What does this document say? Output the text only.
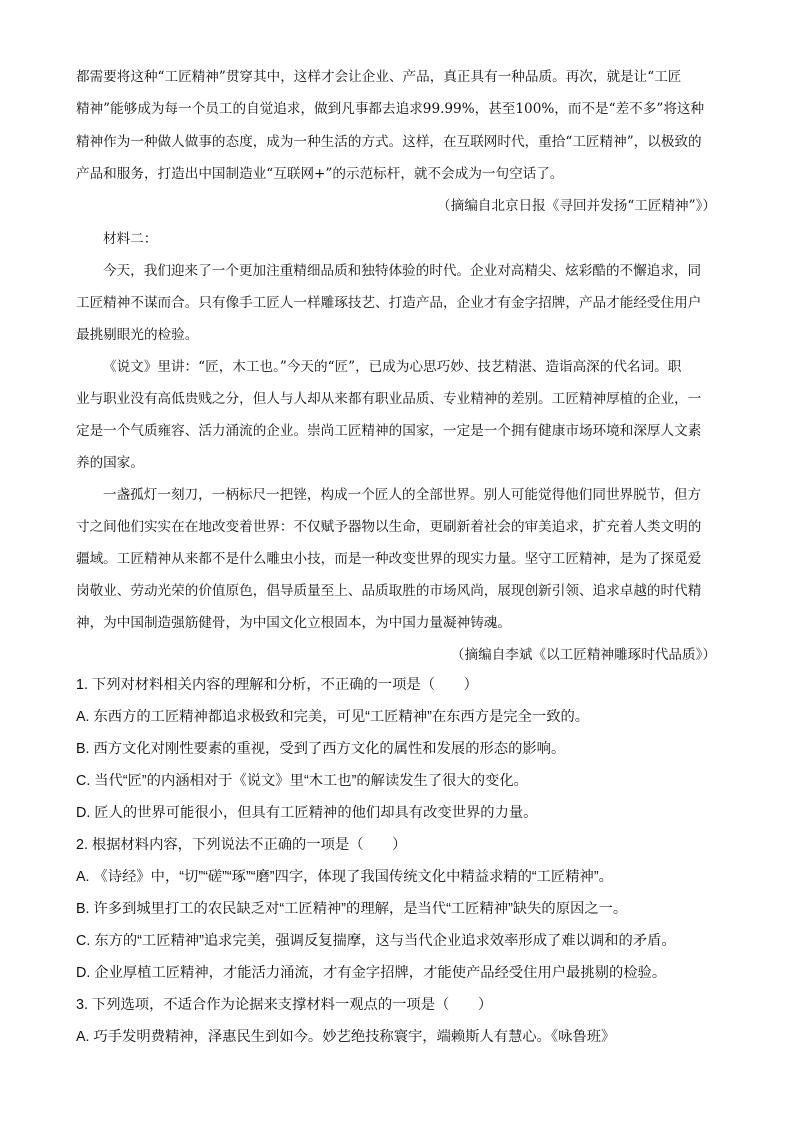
都需要将这种“工匠精神”贯穿其中，这样才会让企业、产品，真正具有一种品质。再次，就是让“工匠
精神”能够成为每一个员工的自觉追求，做到凡事都去追求99.99%，甚至100%，而不是“差不多”将这种
精神作为一种做人做事的态度，成为一种生活的方式。这样，在互联网时代，重拾“工匠精神”，以极致的
产品和服务，打造出中国制造业“互联网+”的示范标杆，就不会成为一句空话了。
（摘编自北京日报《寻回并发扬“工匠精神”》）
材料二：
今天，我们迎来了一个更加注重精细品质和独特体验的时代。企业对高精尖、炫彩酷的不懈追求，同
工匠精神不谋而合。只有像手工匠人一样雕琢技艺、打造产品，企业才有金字招牌，产品才能经受住用户
最挑剔眼光的检验。
《说文》里讲：“匠，木工也。”今天的“匠”，已成为心思巧妙、技艺精湛、造诣高深的代名词。职
业与职业没有高低贵贱之分，但人与人却从来都有职业品质、专业精神的差别。工匠精神厚植的企业，一
定是一个气质雍容、活力涌流的企业。崇尚工匠精神的国家，一定是一个拥有健康市场环境和深厚人文素
养的国家。
一盏孤灯一刻刀，一柄标尺一把锉，构成一个匠人的全部世界。别人可能觉得他们同世界脱节，但方
寸之间他们实实在在地改变着世界：不仅赋予器物以生命，更刷新着社会的审美追求，扩充着人类文明的
疆域。工匠精神从来都不是什么雕虫小技，而是一种改变世界的现实力量。坚守工匠精神，是为了探觅爱
岗敬业、劳动光荣的价值原色，倡导质量至上、品质取胜的市场风尚，展现创新引领、追求卓越的时代精
神，为中国制造强筋健骨，为中国文化立根固本，为中国力量凝神铸魂。
（摘编自李斌《以工匠精神雕琢时代品质》）
1. 下列对材料相关内容的理解和分析，不正确的一项是（　　）
A. 东西方的工匠精神都追求极致和完美，可见“工匠精神”在东西方是完全一致的。
B. 西方文化对刚性要素的重视，受到了西方文化的属性和发展的形态的影响。
C. 当代“匠”的内涵相对于《说文》里“木工也”的解读发生了很大的变化。
D. 匠人的世界可能很小，但具有工匠精神的他们却具有改变世界的力量。
2. 根据材料内容，下列说法不正确的一项是（　　）
A. 《诗经》中，“切”“磋”“琢”“磨”四字，体现了我国传统文化中精益求精的“工匠精神”。
B. 许多到城里打工的农民缺乏对“工匠精神”的理解，是当代“工匠精神”缺失的原因之一。
C. 东方的“工匠精神”追求完美，强调反复揣摩，这与当代企业追求效率形成了难以调和的矛盾。
D. 企业厚植工匠精神，才能活力涌流，才有金字招牌，才能使产品经受住用户最挑剔的检验。
3. 下列选项，不适合作为论据来支撑材料一观点的一项是（　　）
A. 巧手发明费精神，泽惠民生到如今。妙艺绝技称寰宇，端赖斯人有慧心。《咏鲁班》
